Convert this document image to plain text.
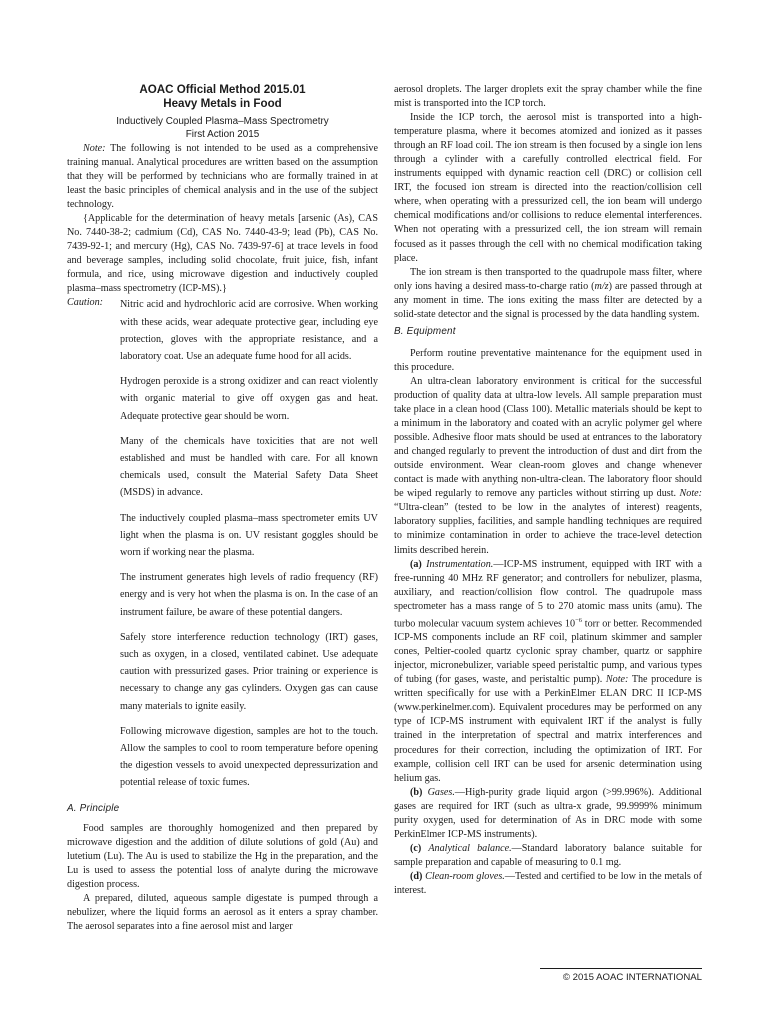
AOAC Official Method 2015.01
Heavy Metals in Food
Inductively Coupled Plasma–Mass Spectrometry
First Action 2015

Note: The following is not intended to be used as a comprehensive training manual. Analytical procedures are written based on the assumption that they will be performed by technicians who are formally trained in at least the basic principles of chemical analysis and in the use of the subject technology.

{Applicable for the determination of heavy metals [arsenic (As), CAS No. 7440-38-2; cadmium (Cd), CAS No. 7440-43-9; lead (Pb), CAS No. 7439-92-1; and mercury (Hg), CAS No. 7439-97-6] at trace levels in food and beverage samples, including solid chocolate, fruit juice, fish, infant formula, and rice, using microwave digestion and inductively coupled plasma–mass spectrometry (ICP-MS).}

Caution: Nitric acid and hydrochloric acid are corrosive. When working with these acids, wear adequate protective gear, including eye protection, gloves with the appropriate resistance, and a laboratory coat. Use an adequate fume hood for all acids.

Hydrogen peroxide is a strong oxidizer and can react violently with organic material to give off oxygen gas and heat. Adequate protective gear should be worn.

Many of the chemicals have toxicities that are not well established and must be handled with care. For all known chemicals used, consult the Material Safety Data Sheet (MSDS) in advance.

The inductively coupled plasma–mass spectrometer emits UV light when the plasma is on. UV resistant goggles should be worn if working near the plasma.

The instrument generates high levels of radio frequency (RF) energy and is very hot when the plasma is on. In the case of an instrument failure, be aware of these potential dangers.

Safely store interference reduction technology (IRT) gases, such as oxygen, in a closed, ventilated cabinet. Use adequate caution with pressurized gases. Prior training or experience is necessary to change any gas cylinders. Oxygen gas can cause many materials to ignite easily.

Following microwave digestion, samples are hot to the touch. Allow the samples to cool to room temperature before opening the digestion vessels to avoid unexpected depressurization and potential release of toxic fumes.

A. Principle

Food samples are thoroughly homogenized and then prepared by microwave digestion and the addition of dilute solutions of gold (Au) and lutetium (Lu). The Au is used to stabilize the Hg in the preparation, and the Lu is used to assess the potential loss of analyte during the microwave digestion process.

A prepared, diluted, aqueous sample digestate is pumped through a nebulizer, where the liquid forms an aerosol as it enters a spray chamber. The aerosol separates into a fine aerosol mist and larger

aerosol droplets. The larger droplets exit the spray chamber while the fine mist is transported into the ICP torch.

Inside the ICP torch, the aerosol mist is transported into a high-temperature plasma, where it becomes atomized and ionized as it passes through an RF load coil. The ion stream is then focused by a single ion lens through a cylinder with a carefully controlled electrical field. For instruments equipped with dynamic reaction cell (DRC) or collision cell IRT, the focused ion stream is directed into the reaction/collision cell where, when operating with a pressurized cell, the ion beam will undergo chemical modifications and/or collisions to reduce elemental interferences. When not operating with a pressurized cell, the ion stream will remain focused as it passes through the cell with no chemical modification taking place.

The ion stream is then transported to the quadrupole mass filter, where only ions having a desired mass-to-charge ratio (m/z) are passed through at any moment in time. The ions exiting the mass filter are detected by a solid-state detector and the signal is processed by the data handling system.

B. Equipment

Perform routine preventative maintenance for the equipment used in this procedure.

An ultra-clean laboratory environment is critical for the successful production of quality data at ultra-low levels. All sample preparation must take place in a clean hood (Class 100). Metallic materials should be kept to a minimum in the laboratory and coated with an acrylic polymer gel where possible. Adhesive floor mats should be used at entrances to the laboratory and changed regularly to prevent the introduction of dust and dirt from the outside environment. Wear clean-room gloves and change whenever contact is made with anything non-ultra-clean. The laboratory floor should be wiped regularly to remove any particles without stirring up dust. Note: “Ultra-clean” (tested to be low in the analytes of interest) reagents, laboratory supplies, facilities, and sample handling techniques are required to minimize contamination in order to achieve the trace-level detection limits described herein.

(a) Instrumentation.—ICP-MS instrument, equipped with IRT with a free-running 40 MHz RF generator; and controllers for nebulizer, plasma, auxiliary, and reaction/collision flow control. The quadrupole mass spectrometer has a mass range of 5 to 270 atomic mass units (amu). The turbo molecular vacuum system achieves $10^{-6}$ torr or better. Recommended ICP-MS components include an RF coil, platinum skimmer and sampler cones, Peltier-cooled quartz cyclonic spray chamber, quartz or sapphire injector, micronebulizer, variable speed peristaltic pump, and various types of tubing (for gases, waste, and peristaltic pump). Note: The procedure is written specifically for use with a PerkinElmer ELAN DRC II ICP-MS (www.perkinelmer.com). Equivalent procedures may be performed on any type of ICP-MS instrument with equivalent IRT if the analyst is fully trained in the interpretation of spectral and matrix interferences and procedures for their correction, including the optimization of IRT. For example, collision cell IRT can be used for arsenic determination using helium gas.

(b) Gases.—High-purity grade liquid argon (>99.996%). Additional gases are required for IRT (such as ultra-x grade, 99.9999% minimum purity oxygen, used for determination of As in DRC mode with some PerkinElmer ICP-MS instruments).

(c) Analytical balance.—Standard laboratory balance suitable for sample preparation and capable of measuring to 0.1 mg.

(d) Clean-room gloves.—Tested and certified to be low in the metals of interest.

© 2015 AOAC INTERNATIONAL
